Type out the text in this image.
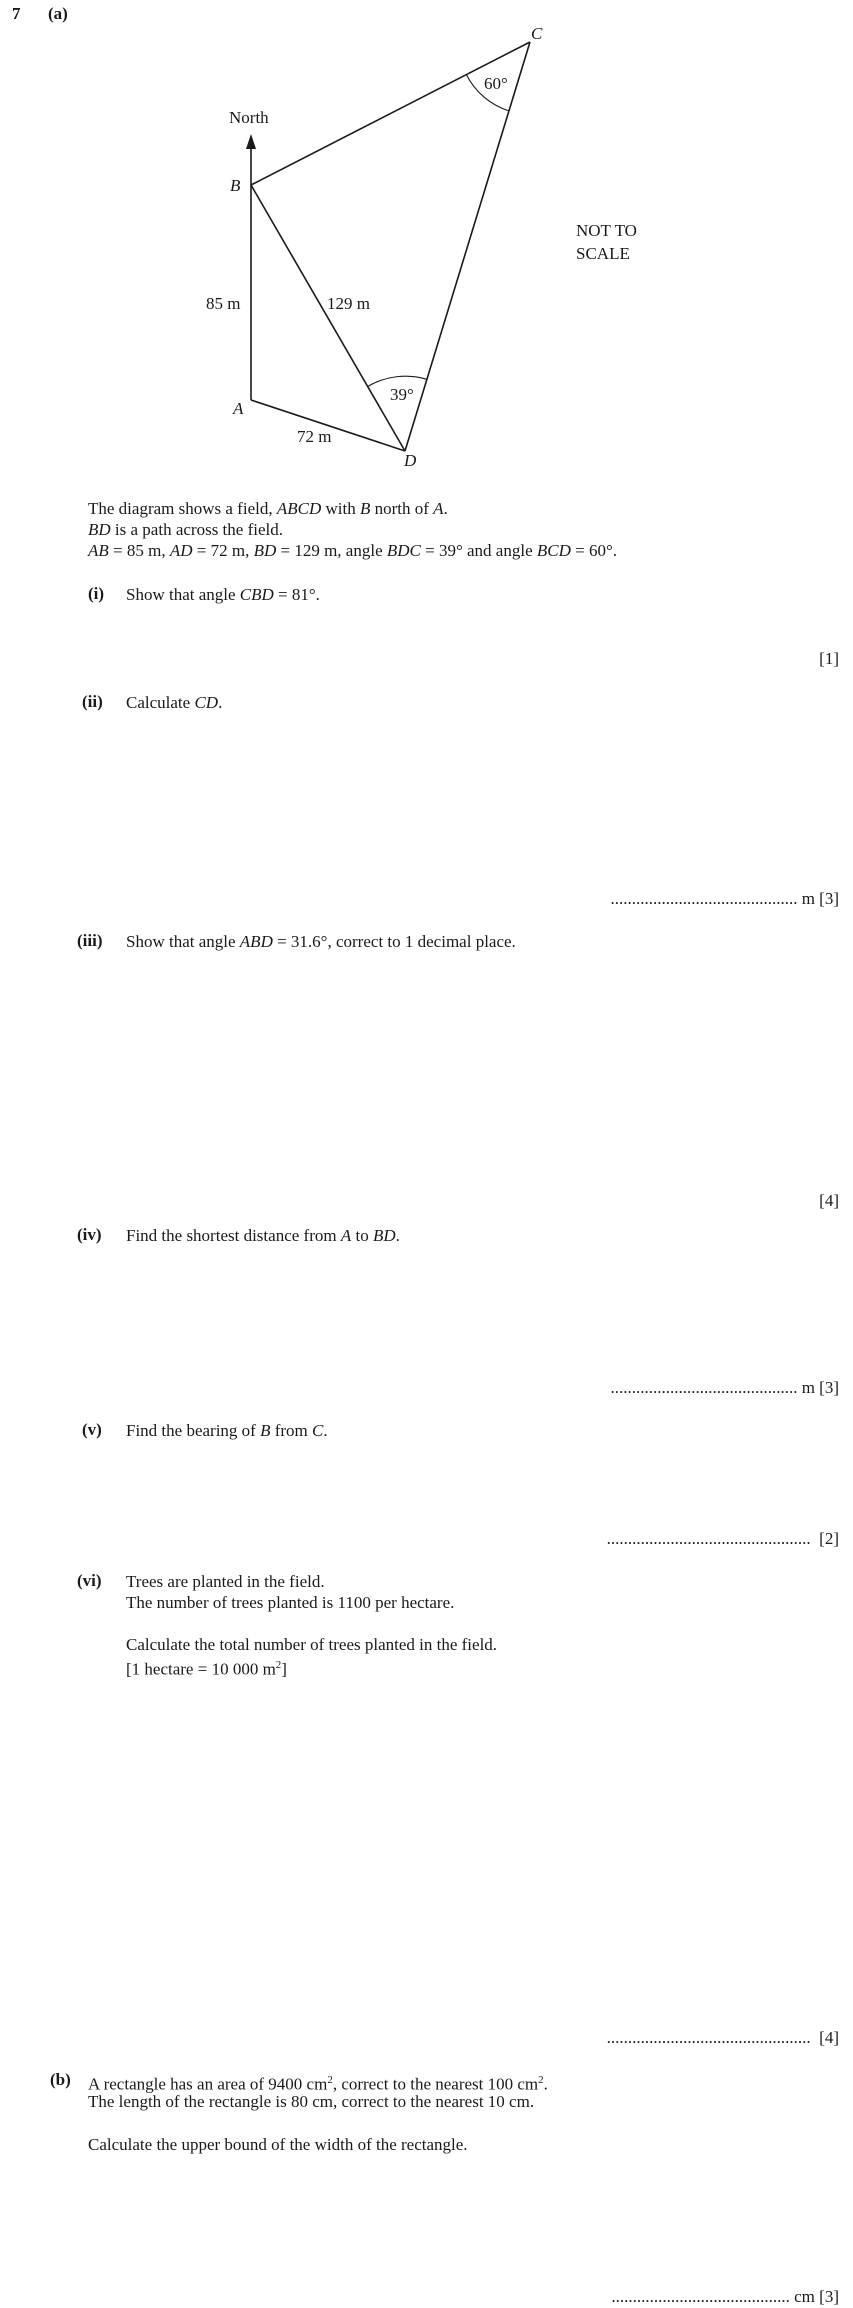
7 (a)
North
B
A
C
D
85 m	129 m
72 m
60°
39°
NOT TO
SCALE
The diagram shows a field, ABCD with B north of A.
BD is a path across the field.
AB = 85 m, AD = 72 m, BD = 129 m, angle BDC = 39° and angle BCD = 60°.
(i) Show that angle CBD = 81°.
[1]
(ii) Calculate CD.
............................................ m [3]
(iii) Show that angle ABD = 31.6°, correct to 1 decimal place.
[4]
(iv) Find the shortest distance from A to BD.
............................................ m [3]
(v) Find the bearing of B from C.
................................................ [2]
(vi) Trees are planted in the field.
The number of trees planted is 1100 per hectare.
Calculate the total number of trees planted in the field.
[1 hectare = 10 000 $m^2$]
................................................ [4]
(b) A rectangle has an area of 9400 $cm^2$, correct to the nearest 100 $cm^2$.
The length of the rectangle is 80 cm, correct to the nearest 10 cm.
Calculate the upper bound of the width of the rectangle.
.......................................... cm [3]
